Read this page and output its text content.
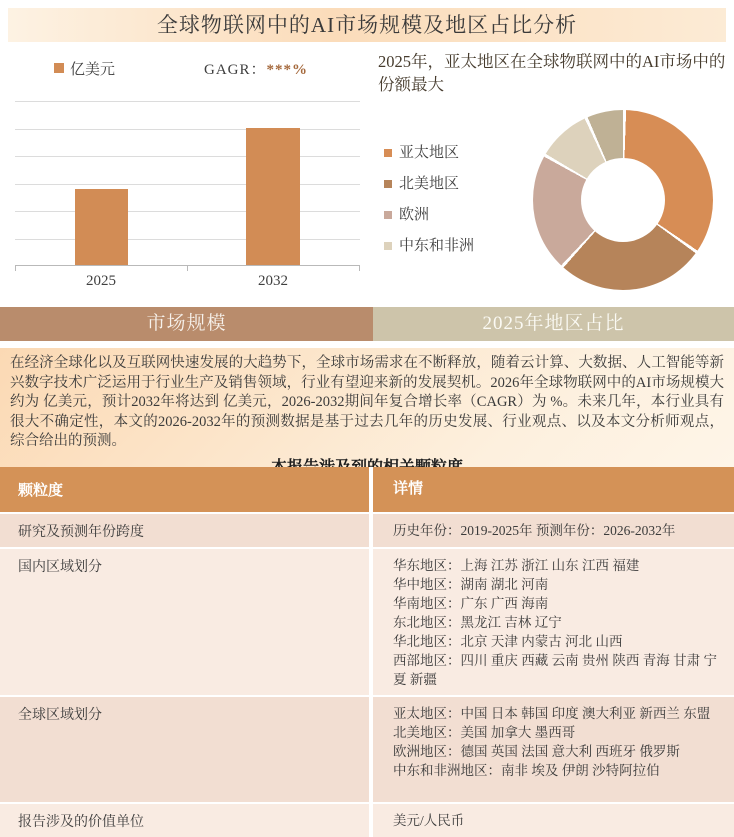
全球物联网中的AI市场规模及地区占比分析
亿美元	GAGR：***%
2025	2032
2025年，亚太地区在全球物联网中的AI市场中的份额最大
亚太地区
北美地区
欧洲
中东和非洲
市场规模	2025年地区占比
在经济全球化以及互联网快速发展的大趋势下，全球市场需求在不断释放，随着云计算、大数据、人工智能等新兴数字技术广泛运用于行业生产及销售领域，行业有望迎来新的发展契机。2026年全球物联网中的AI市场规模大约为 亿美元，预计2032年将达到 亿美元，2026-2032期间年复合增长率（CAGR）为 %。未来几年，本行业具有很大不确定性，本文的2026-2032年的预测数据是基于过去几年的历史发展、行业观点、以及本文分析师观点，综合给出的预测。
颗粒度	详情
研究及预测年份跨度	历史年份：2019-2025年 预测年份：2026-2032年
国内区域划分	华东地区：上海 江苏 浙江 山东 江西 福建
华中地区：湖南 湖北 河南
华南地区：广东 广西 海南
东北地区：黑龙江 吉林 辽宁
华北地区：北京 天津 内蒙古 河北 山西
西部地区：四川 重庆 西藏 云南 贵州 陕西 青海 甘肃 宁夏 新疆
全球区域划分	亚太地区：中国 日本 韩国 印度 澳大利亚 新西兰 东盟
北美地区：美国 加拿大 墨西哥
欧洲地区：德国 英国 法国 意大利 西班牙 俄罗斯
中东和非洲地区：南非 埃及 伊朗 沙特阿拉伯
报告涉及的价值单位	美元/人民币
